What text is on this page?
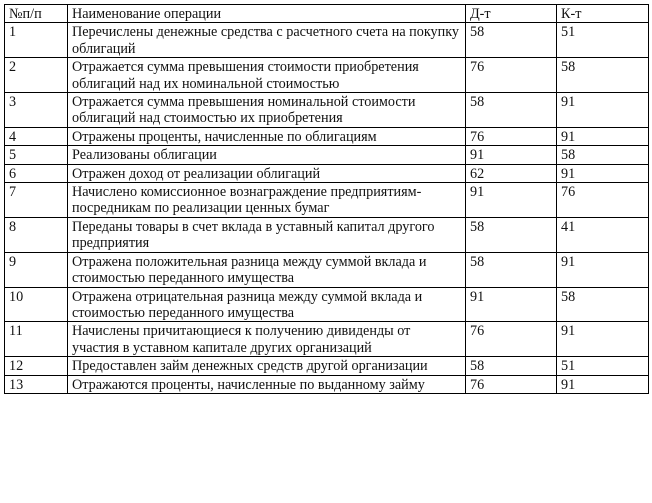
№п/п	Наименование операции	Д-т	К-т
1	Перечислены денежные средства с расчетного счета на покупку облигаций	58	51
2	Отражается сумма превышения стоимости приобретения облигаций над их номинальной стоимостью	76	58
3	Отражается сумма превышения номинальной стоимости облигаций над стоимостью их приобретения	58	91
4	Отражены проценты, начисленные по облигациям	76	91
5	Реализованы облигации	91	58
6	Отражен доход от реализации облигаций	62	91
7	Начислено комиссионное вознаграждение предприятиям-посредникам по реализации ценных бумаг	91	76
8	Переданы товары в счет вклада в уставный капитал другого предприятия	58	41
9	Отражена положительная разница между суммой вклада и стоимостью переданного имущества	58	91
10	Отражена отрицательная разница между суммой вклада и стоимостью переданного имущества	91	58
11	Начислены причитающиеся к получению дивиденды от участия в уставном капитале других организаций	76	91
12	Предоставлен займ денежных средств другой организации	58	51
13	Отражаются проценты, начисленные по выданному займу	76	91
